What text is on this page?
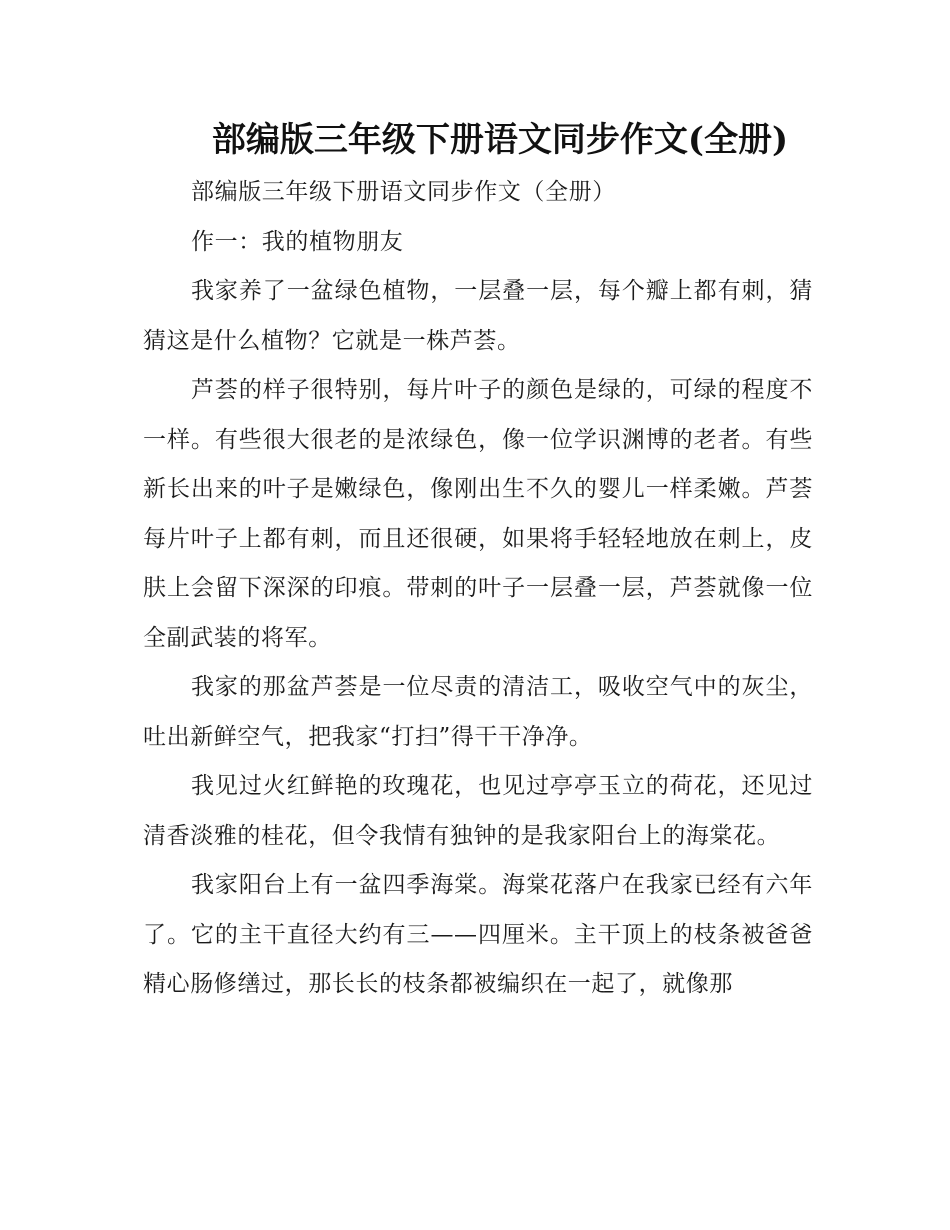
部编版三年级下册语文同步作文(全册)

部编版三年级下册语文同步作文（全册）

作一：我的植物朋友

我家养了一盆绿色植物，一层叠一层，每个瓣上都有刺，猜猜这是什么植物？它就是一株芦荟。

芦荟的样子很特别，每片叶子的颜色是绿的，可绿的程度不一样。有些很大很老的是浓绿色，像一位学识渊博的老者。有些新长出来的叶子是嫩绿色，像刚出生不久的婴儿一样柔嫩。芦荟每片叶子上都有刺，而且还很硬，如果将手轻轻地放在刺上，皮肤上会留下深深的印痕。带刺的叶子一层叠一层，芦荟就像一位全副武装的将军。

我家的那盆芦荟是一位尽责的清洁工，吸收空气中的灰尘，吐出新鲜空气，把我家“打扫”得干干净净。

我见过火红鲜艳的玫瑰花，也见过亭亭玉立的荷花，还见过清香淡雅的桂花，但令我情有独钟的是我家阳台上的海棠花。

我家阳台上有一盆四季海棠。海棠花落户在我家已经有六年了。它的主干直径大约有三——四厘米。主干顶上的枝条被爸爸精心肠修缮过，那长长的枝条都被编织在一起了，就像那
